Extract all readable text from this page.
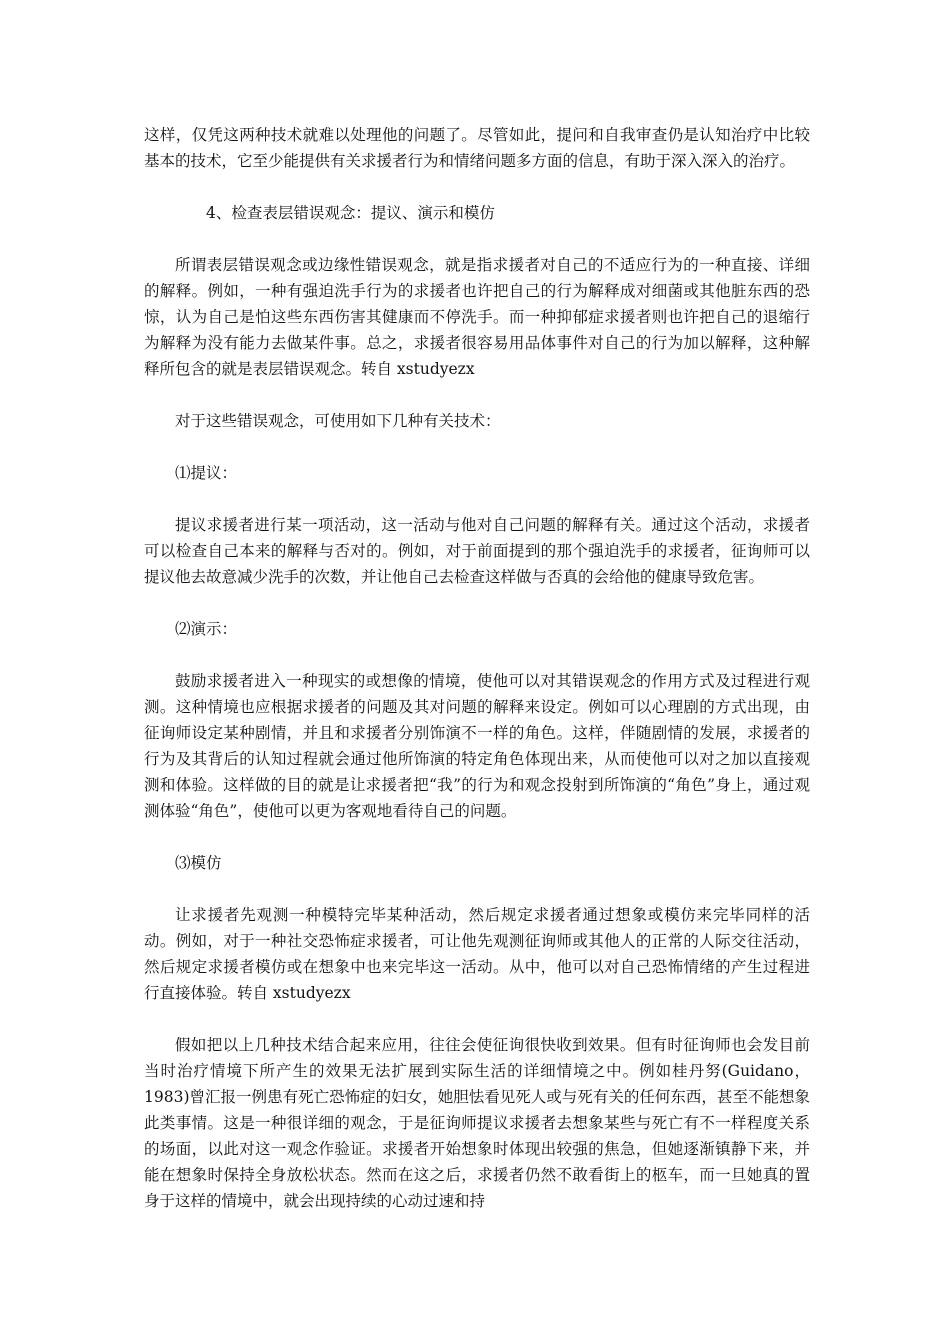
这样，仅凭这两种技术就难以处理他的问题了。尽管如此，提问和自我审查仍是认知治疗中比较基本的技术，它至少能提供有关求援者行为和情绪问题多方面的信息，有助于深入深入的治疗。

4、检查表层错误观念：提议、演示和模仿

所谓表层错误观念或边缘性错误观念，就是指求援者对自己的不适应行为的一种直接、详细的解释。例如，一种有强迫洗手行为的求援者也许把自己的行为解释成对细菌或其他脏东西的恐惊，认为自己是怕这些东西伤害其健康而不停洗手。而一种抑郁症求援者则也许把自己的退缩行为解释为没有能力去做某件事。总之，求援者很容易用品体事件对自己的行为加以解释，这种解释所包含的就是表层错误观念。转自 xstudyezx

对于这些错误观念，可使用如下几种有关技术：

⑴提议：

提议求援者进行某一项活动，这一活动与他对自己问题的解释有关。通过这个活动，求援者可以检查自己本来的解释与否对的。例如，对于前面提到的那个强迫洗手的求援者，征询师可以提议他去故意减少洗手的次数，并让他自己去检查这样做与否真的会给他的健康导致危害。

⑵演示：

鼓励求援者进入一种现实的或想像的情境，使他可以对其错误观念的作用方式及过程进行观测。这种情境也应根据求援者的问题及其对问题的解释来设定。例如可以心理剧的方式出现，由征询师设定某种剧情，并且和求援者分别饰演不一样的角色。这样，伴随剧情的发展，求援者的行为及其背后的认知过程就会通过他所饰演的特定角色体现出来，从而使他可以对之加以直接观测和体验。这样做的目的就是让求援者把“我”的行为和观念投射到所饰演的“角色”身上，通过观测体验“角色”，使他可以更为客观地看待自己的问题。

⑶模仿

让求援者先观测一种模特完毕某种活动，然后规定求援者通过想象或模仿来完毕同样的活动。例如，对于一种社交恐怖症求援者，可让他先观测征询师或其他人的正常的人际交往活动，然后规定求援者模仿或在想象中也来完毕这一活动。从中，他可以对自己恐怖情绪的产生过程进行直接体验。转自 xstudyezx

假如把以上几种技术结合起来应用，往往会使征询很快收到效果。但有时征询师也会发目前当时治疗情境下所产生的效果无法扩展到实际生活的详细情境之中。例如桂丹努(Guidano，1983)曾汇报一例患有死亡恐怖症的妇女，她胆怯看见死人或与死有关的任何东西，甚至不能想象此类事情。这是一种很详细的观念，于是征询师提议求援者去想象某些与死亡有不一样程度关系的场面，以此对这一观念作验证。求援者开始想象时体现出较强的焦急，但她逐渐镇静下来，并能在想象时保持全身放松状态。然而在这之后，求援者仍然不敢看街上的柩车，而一旦她真的置身于这样的情境中，就会出现持续的心动过速和持
